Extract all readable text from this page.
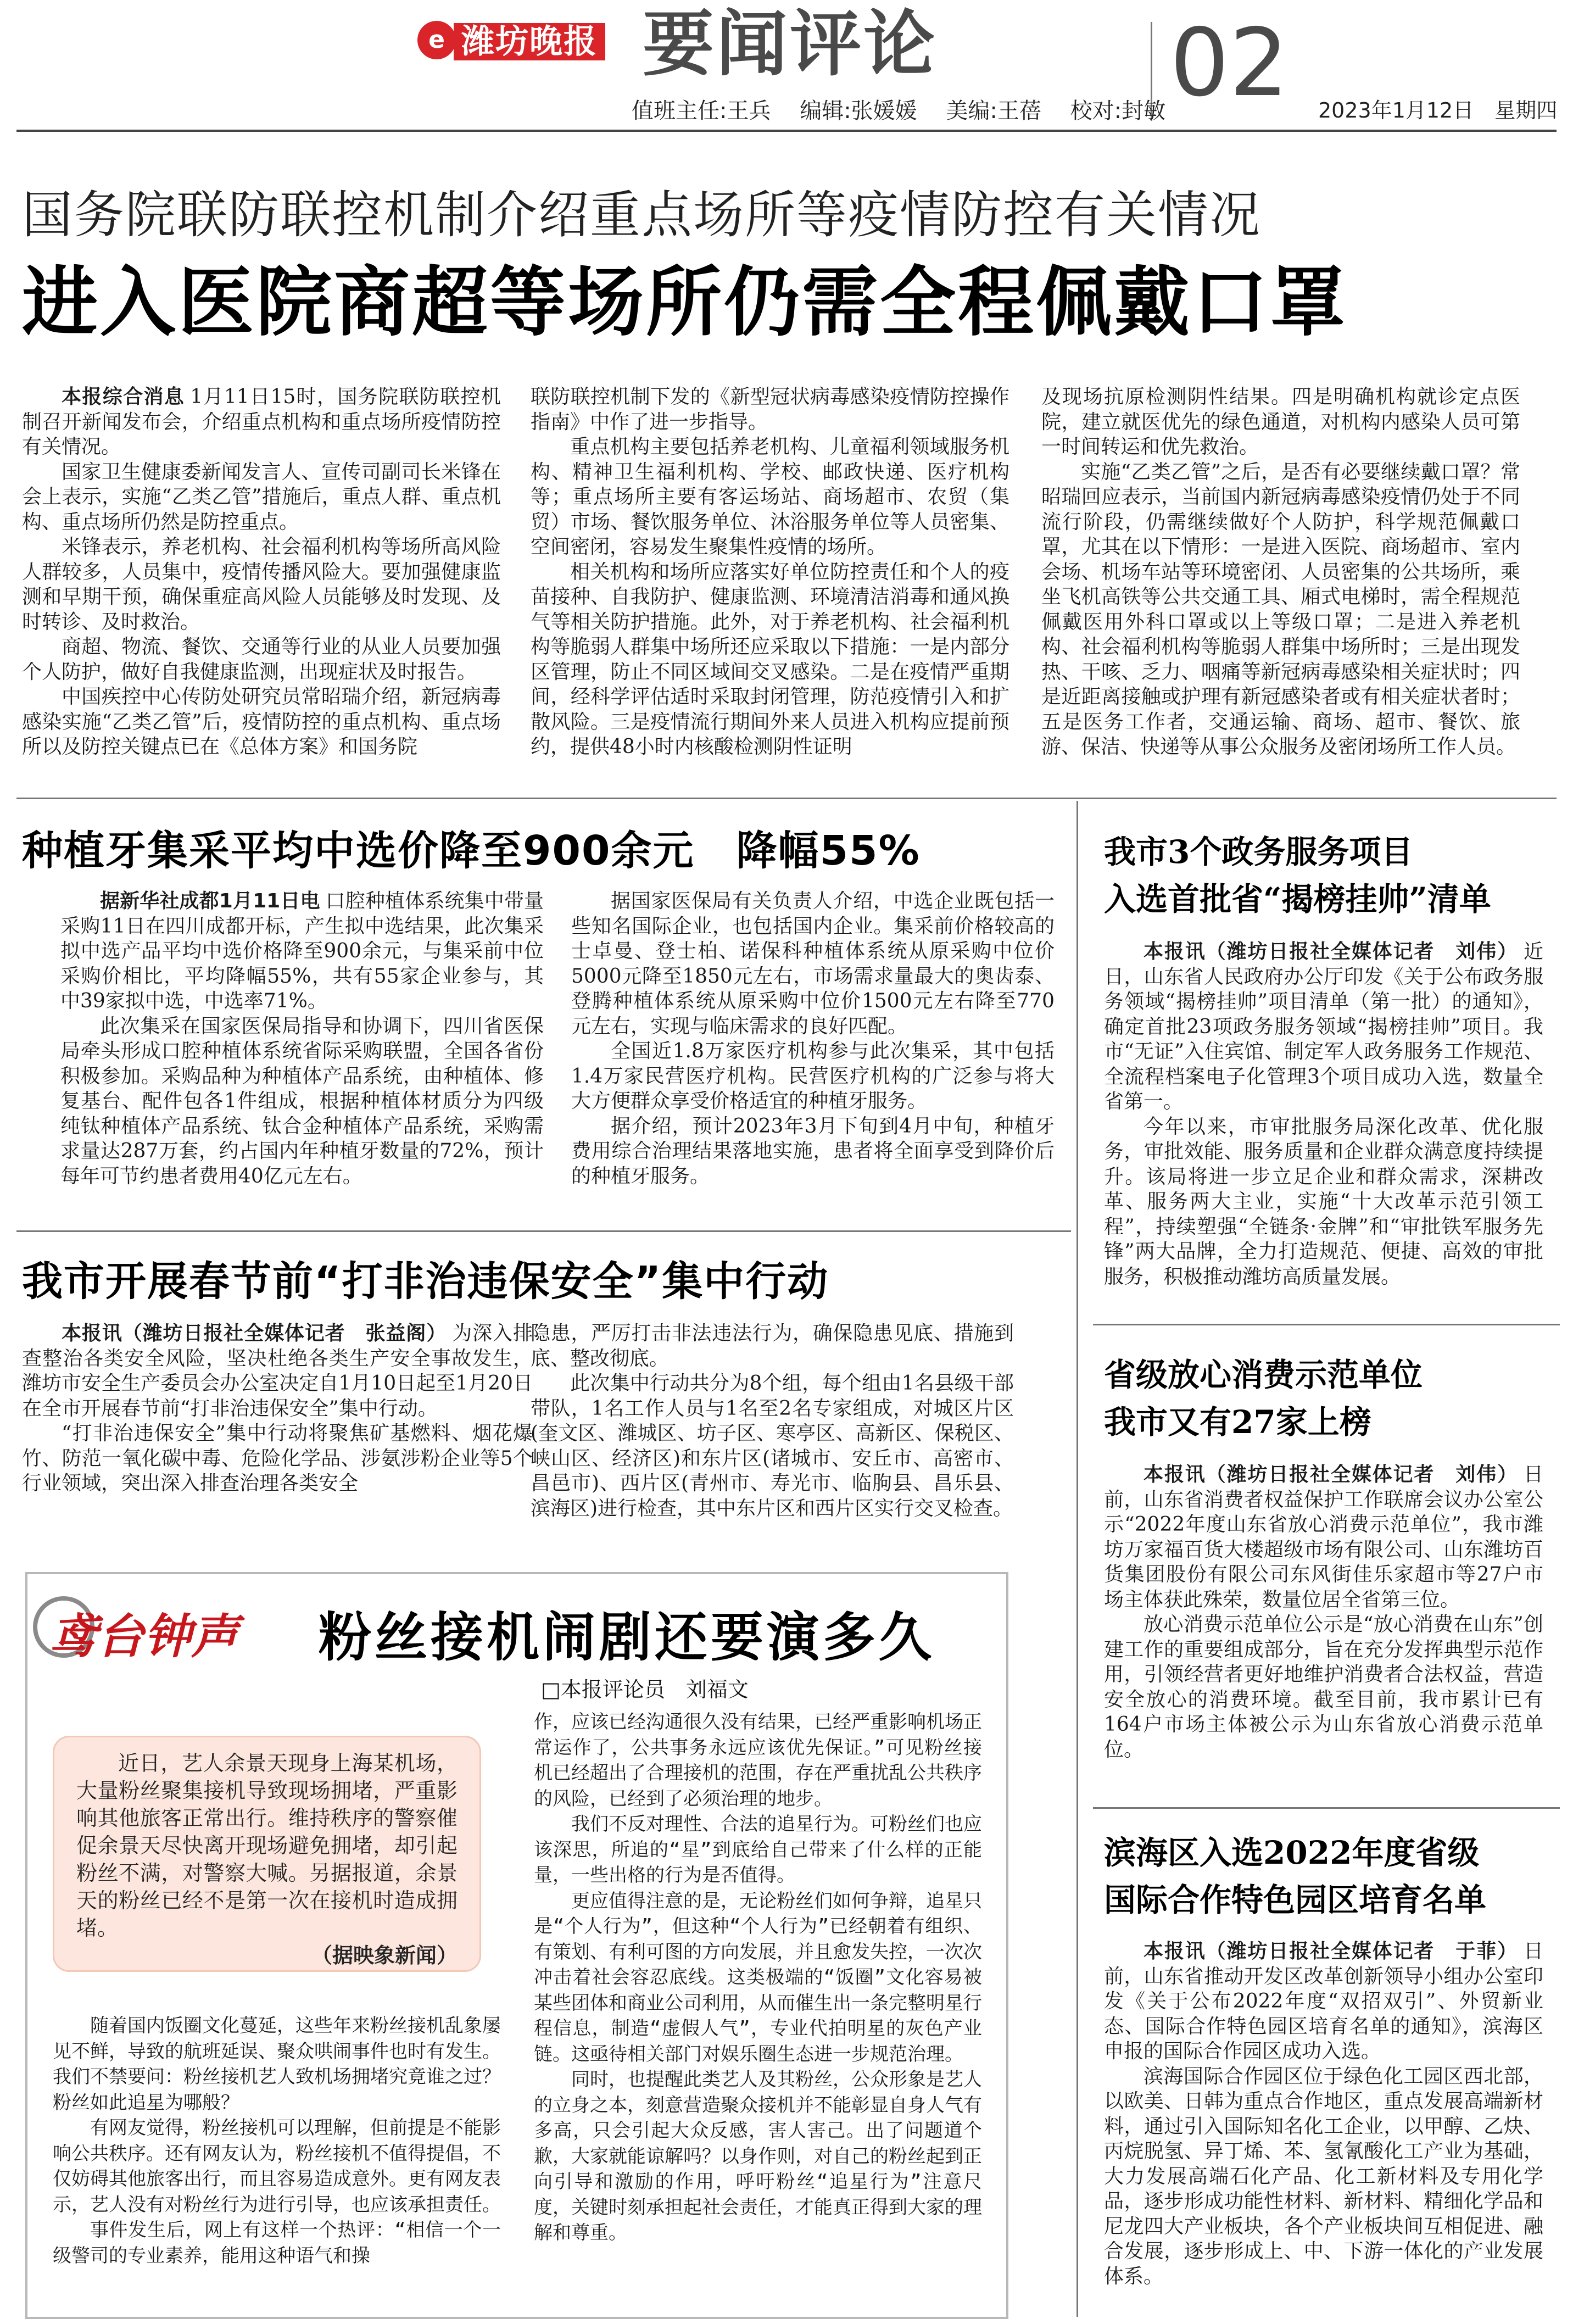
e 潍坊晚报 要闻评论 02
值班主任:王兵 编辑:张媛媛 美编:王蓓 校对:封敏	2023年1月12日　星期四
国务院联防联控机制介绍重点场所等疫情防控有关情况
进入医院商超等场所仍需全程佩戴口罩

本报综合消息 1月11日15时，国务院联防联控机制召开新闻发布会，介绍重点机构和重点场所疫情防控有关情况。

国家卫生健康委新闻发言人、宣传司副司长米锋在会上表示，实施“乙类乙管”措施后，重点人群、重点机构、重点场所仍然是防控重点。

米锋表示，养老机构、社会福利机构等场所高风险人群较多，人员集中，疫情传播风险大。要加强健康监测和早期干预，确保重症高风险人员能够及时发现、及时转诊、及时救治。

商超、物流、餐饮、交通等行业的从业人员要加强个人防护，做好自我健康监测，出现症状及时报告。

中国疾控中心传防处研究员常昭瑞介绍，新冠病毒感染实施“乙类乙管”后，疫情防控的重点机构、重点场所以及防控关键点已在《总体方案》和国务院

联防联控机制下发的《新型冠状病毒感染疫情防控操作指南》中作了进一步指导。

重点机构主要包括养老机构、儿童福利领域服务机构、精神卫生福利机构、学校、邮政快递、医疗机构等；重点场所主要有客运场站、商场超市、农贸（集贸）市场、餐饮服务单位、沐浴服务单位等人员密集、空间密闭，容易发生聚集性疫情的场所。

相关机构和场所应落实好单位防控责任和个人的疫苗接种、自我防护、健康监测、环境清洁消毒和通风换气等相关防护措施。此外，对于养老机构、社会福利机构等脆弱人群集中场所还应采取以下措施：一是内部分区管理，防止不同区域间交叉感染。二是在疫情严重期间，经科学评估适时采取封闭管理，防范疫情引入和扩散风险。三是疫情流行期间外来人员进入机构应提前预约，提供48小时内核酸检测阴性证明

及现场抗原检测阴性结果。四是明确机构就诊定点医院，建立就医优先的绿色通道，对机构内感染人员可第一时间转运和优先救治。

实施“乙类乙管”之后，是否有必要继续戴口罩？常昭瑞回应表示，当前国内新冠病毒感染疫情仍处于不同流行阶段，仍需继续做好个人防护，科学规范佩戴口罩，尤其在以下情形：一是进入医院、商场超市、室内会场、机场车站等环境密闭、人员密集的公共场所，乘坐飞机高铁等公共交通工具、厢式电梯时，需全程规范佩戴医用外科口罩或以上等级口罩；二是进入养老机构、社会福利机构等脆弱人群集中场所时；三是出现发热、干咳、乏力、咽痛等新冠病毒感染相关症状时；四是近距离接触或护理有新冠感染者或有相关症状者时；五是医务工作者，交通运输、商场、超市、餐饮、旅游、保洁、快递等从事公众服务及密闭场所工作人员。

种植牙集采平均中选价降至900余元　降幅55%

据新华社成都1月11日电 口腔种植体系统集中带量采购11日在四川成都开标，产生拟中选结果，此次集采拟中选产品平均中选价格降至900余元，与集采前中位采购价相比，平均降幅55%，共有55家企业参与，其中39家拟中选，中选率71%。

此次集采在国家医保局指导和协调下，四川省医保局牵头形成口腔种植体系统省际采购联盟，全国各省份积极参加。采购品种为种植体产品系统，由种植体、修复基台、配件包各1件组成，根据种植体材质分为四级纯钛种植体产品系统、钛合金种植体产品系统，采购需求量达287万套，约占国内年种植牙数量的72%，预计每年可节约患者费用40亿元左右。

据国家医保局有关负责人介绍，中选企业既包括一些知名国际企业，也包括国内企业。集采前价格较高的士卓曼、登士柏、诺保科种植体系统从原采购中位价5000元降至1850元左右，市场需求量最大的奥齿泰、登腾种植体系统从原采购中位价1500元左右降至770元左右，实现与临床需求的良好匹配。

全国近1.8万家医疗机构参与此次集采，其中包括1.4万家民营医疗机构。民营医疗机构的广泛参与将大大方便群众享受价格适宜的种植牙服务。

据介绍，预计2023年3月下旬到4月中旬，种植牙费用综合治理结果落地实施，患者将全面享受到降价后的种植牙服务。

我市开展春节前“打非治违保安全”集中行动

本报讯（潍坊日报社全媒体记者　张益阁） 为深入排查整治各类安全风险，坚决杜绝各类生产安全事故发生，潍坊市安全生产委员会办公室决定自1月10日起至1月20日在全市开展春节前“打非治违保安全”集中行动。

“打非治违保安全”集中行动将聚焦矿基燃料、烟花爆竹、防范一氧化碳中毒、危险化学品、涉氨涉粉企业等5个行业领域，突出深入排查治理各类安全

隐患，严厉打击非法违法行为，确保隐患见底、措施到底、整改彻底。

此次集中行动共分为8个组，每个组由1名县级干部带队，1名工作人员与1名至2名专家组成，对城区片区(奎文区、潍城区、坊子区、寒亭区、高新区、保税区、峡山区、经济区)和东片区(诸城市、安丘市、高密市、昌邑市)、西片区(青州市、寿光市、临朐县、昌乐县、滨海区)进行检查，其中东片区和西片区实行交叉检查。

鸢台钟声 粉丝接机闹剧还要演多久
□本报评论员　刘福文

近日，艺人余景天现身上海某机场，大量粉丝聚集接机导致现场拥堵，严重影响其他旅客正常出行。维持秩序的警察催促余景天尽快离开现场避免拥堵，却引起粉丝不满，对警察大喊。另据报道，余景天的粉丝已经不是第一次在接机时造成拥堵。

（据映象新闻）

随着国内饭圈文化蔓延，这些年来粉丝接机乱象屡见不鲜，导致的航班延误、聚众哄闹事件也时有发生。我们不禁要问：粉丝接机艺人致机场拥堵究竟谁之过？粉丝如此追星为哪般？

有网友觉得，粉丝接机可以理解，但前提是不能影响公共秩序。还有网友认为，粉丝接机不值得提倡，不仅妨碍其他旅客出行，而且容易造成意外。更有网友表示，艺人没有对粉丝行为进行引导，也应该承担责任。

事件发生后，网上有这样一个热评：“相信一个一级警司的专业素养，能用这种语气和操

作，应该已经沟通很久没有结果，已经严重影响机场正常运作了，公共事务永远应该优先保证。”可见粉丝接机已经超出了合理接机的范围，存在严重扰乱公共秩序的风险，已经到了必须治理的地步。

我们不反对理性、合法的追星行为。可粉丝们也应该深思，所追的“星”到底给自己带来了什么样的正能量，一些出格的行为是否值得。

更应值得注意的是，无论粉丝们如何争辩，追星只是“个人行为”，但这种“个人行为”已经朝着有组织、有策划、有利可图的方向发展，并且愈发失控，一次次冲击着社会容忍底线。这类极端的“饭圈”文化容易被某些团体和商业公司利用，从而催生出一条完整明星行程信息，制造“虚假人气”，专业代拍明星的灰色产业链。这亟待相关部门对娱乐圈生态进一步规范治理。

同时，也提醒此类艺人及其粉丝，公众形象是艺人的立身之本，刻意营造聚众接机并不能彰显自身人气有多高，只会引起大众反感，害人害己。出了问题道个歉，大家就能谅解吗？以身作则，对自己的粉丝起到正向引导和激励的作用，呼吁粉丝“追星行为”注意尺度，关键时刻承担起社会责任，才能真正得到大家的理解和尊重。

我市3个政务服务项目
入选首批省“揭榜挂帅”清单

本报讯（潍坊日报社全媒体记者　刘伟） 近日，山东省人民政府办公厅印发《关于公布政务服务领域“揭榜挂帅”项目清单（第一批）的通知》，确定首批23项政务服务领域“揭榜挂帅”项目。我市“无证”入住宾馆、制定军人政务服务工作规范、全流程档案电子化管理3个项目成功入选，数量全省第一。

今年以来，市审批服务局深化改革、优化服务，审批效能、服务质量和企业群众满意度持续提升。该局将进一步立足企业和群众需求，深耕改革、服务两大主业，实施“十大改革示范引领工程”，持续塑强“全链条·金牌”和“审批铁军服务先锋”两大品牌，全力打造规范、便捷、高效的审批服务，积极推动潍坊高质量发展。

省级放心消费示范单位
我市又有27家上榜

本报讯（潍坊日报社全媒体记者　刘伟） 日前，山东省消费者权益保护工作联席会议办公室公示“2022年度山东省放心消费示范单位”，我市潍坊万家福百货大楼超级市场有限公司、山东潍坊百货集团股份有限公司东风街佳乐家超市等27户市场主体获此殊荣，数量位居全省第三位。

放心消费示范单位公示是“放心消费在山东”创建工作的重要组成部分，旨在充分发挥典型示范作用，引领经营者更好地维护消费者合法权益，营造安全放心的消费环境。截至目前，我市累计已有164户市场主体被公示为山东省放心消费示范单位。

滨海区入选2022年度省级
国际合作特色园区培育名单

本报讯（潍坊日报社全媒体记者　于菲） 日前，山东省推动开发区改革创新领导小组办公室印发《关于公布2022年度“双招双引”、外贸新业态、国际合作特色园区培育名单的通知》，滨海区申报的国际合作园区成功入选。

滨海国际合作园区位于绿色化工园区西北部，以欧美、日韩为重点合作地区，重点发展高端新材料，通过引入国际知名化工企业，以甲醇、乙炔、丙烷脱氢、异丁烯、苯、氢氰酸化工产业为基础，大力发展高端石化产品、化工新材料及专用化学品，逐步形成功能性材料、新材料、精细化学品和尼龙四大产业板块，各个产业板块间互相促进、融合发展，逐步形成上、中、下游一体化的产业发展体系。
